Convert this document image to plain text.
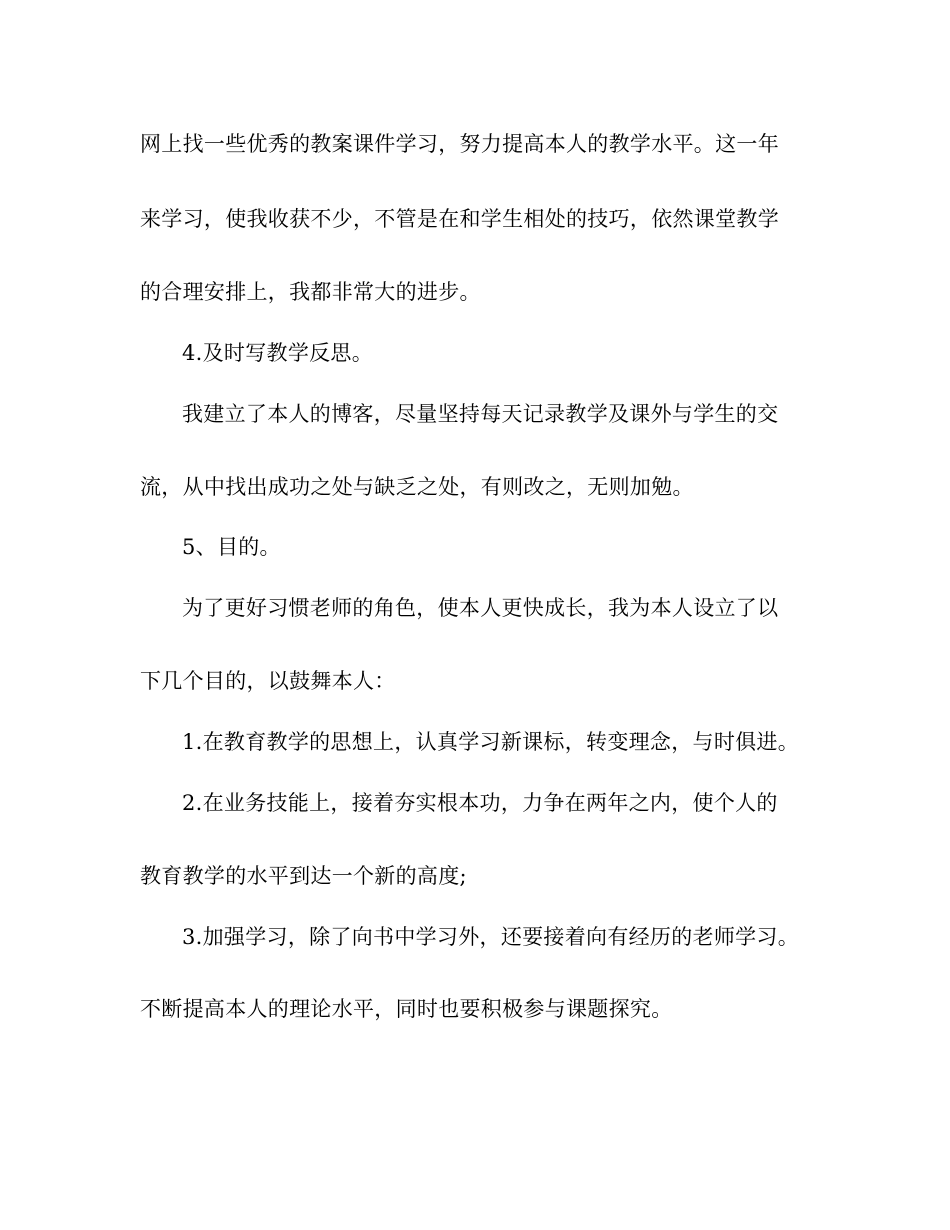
网上找一些优秀的教案课件学习，努力提高本人的教学水平。这一年
来学习，使我收获不少，不管是在和学生相处的技巧，依然课堂教学
的合理安排上，我都非常大的进步。
4.及时写教学反思。
我建立了本人的博客，尽量坚持每天记录教学及课外与学生的交
流，从中找出成功之处与缺乏之处，有则改之，无则加勉。
5、目的。
为了更好习惯老师的角色，使本人更快成长，我为本人设立了以
下几个目的，以鼓舞本人：
1.在教育教学的思想上，认真学习新课标，转变理念，与时俱进。
2.在业务技能上，接着夯实根本功，力争在两年之内，使个人的
教育教学的水平到达一个新的高度;
3.加强学习，除了向书中学习外，还要接着向有经历的老师学习。
不断提高本人的理论水平，同时也要积极参与课题探究。
